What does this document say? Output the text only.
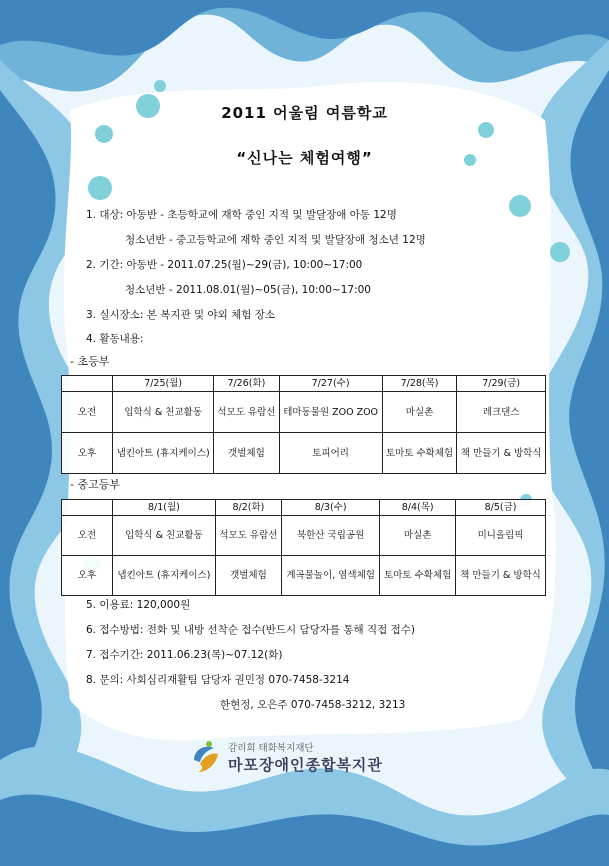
2011 어울림 여름학교
“신나는 체험여행”
1. 대상: 아동반 - 초등학교에 재학 중인 지적 및 발달장애 아동 12명
청소년반 - 중고등학교에 재학 중인 지적 및 발달장애 청소년 12명
2. 기간: 아동반 - 2011.07.25(월)~29(금), 10:00~17:00
청소년반 - 2011.08.01(월)~05(금), 10:00~17:00
3. 실시장소: 본 복지관 및 야외 체험 장소
4. 활동내용:
- 초등부
	7/25(월)	7/26(화)	7/27(수)	7/28(목)	7/29(금)
오전	입학식 & 친교활동	석모도 유람선	테마동물원 ZOO ZOO	마실촌	레크댄스
오후	냅킨아트 (휴지케이스)	갯벌체험	토피어리	토마토 수확체험	책 만들기 & 방학식
- 중고등부
	8/1(월)	8/2(화)	8/3(수)	8/4(목)	8/5(금)
오전	입학식 & 친교활동	석모도 유람선	북한산 국립공원	마실촌	미니올림픽
오후	냅킨아트 (휴지케이스)	갯벌체험	계곡물놀이, 염색체험	토마토 수확체험	책 만들기 & 방학식
5. 이용료: 120,000원
6. 접수방법: 전화 및 내방 선착순 접수(반드시 담당자를 통해 직접 접수)
7. 접수기간: 2011.06.23(목)~07.12(화)
8. 문의: 사회심리재활팀 담당자 권민정 070-7458-3214
한현정, 오은주 070-7458-3212, 3213
감리회 태화복지재단
마포장애인종합복지관
